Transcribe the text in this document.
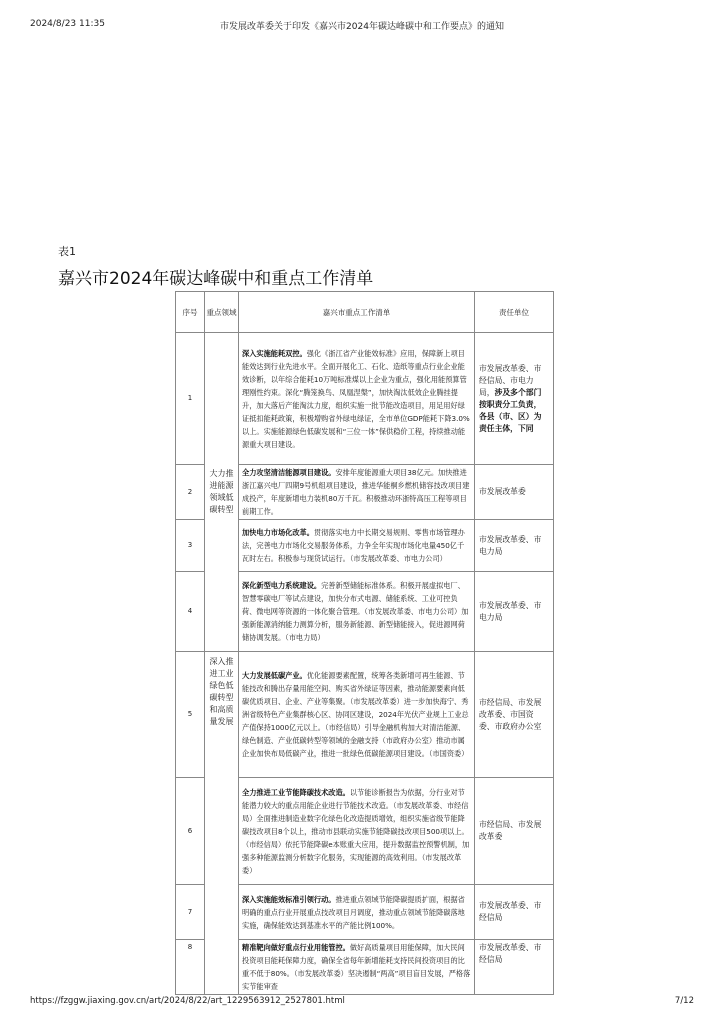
2024/8/23 11:35	市发展改革委关于印发《嘉兴市2024年碳达峰碳中和工作要点》的通知
表1
嘉兴市2024年碳达峰碳中和重点工作清单
序号	重点领域	嘉兴市重点工作清单	责任单位
1	大力推进能源领域低碳转型	深入实施能耗双控。强化《浙江省产业能效标准》应用，保障新上项目能效达到行业先进水平。全面开展化工、石化、造纸等重点行业企业能效诊断，以年综合能耗10万吨标准煤以上企业为重点，强化用能预算管理刚性约束。深化“腾笼换鸟、凤凰涅槃”，加快淘汰低效企业腾挂提升，加大落后产能淘汰力度，组织实施一批节能改造项目，用足用好绿证抵扣能耗政策，积极增购省外绿电绿证，全市单位GDP能耗下降3.0%以上。实施能源绿色低碳发展和“三位一体”保供稳价工程，持续推动能源重大项目建设。	市发展改革委、市经信局、市电力局，涉及多个部门按职责分工负责，各县（市、区）为责任主体，下同
2		全力攻坚清洁能源项目建设。安排年度能源重大项目38亿元。加快推进浙江嘉兴电厂四期9号机组项目建设，推进华能桐乡燃机储容技改项目建成投产，年度新增电力装机80万千瓦。积极推动环浙特高压工程等项目前期工作。	市发展改革委
3		加快电力市场化改革。贯彻落实电力中长期交易规则、零售市场管理办法，完善电力市场化交易服务体系，力争全年实现市场化电量450亿千瓦时左右。积极参与现货试运行。（市发展改革委、市电力公司）	市发展改革委、市电力局
4		深化新型电力系统建设。完善新型储能标准体系。积极开展虚拟电厂、智慧零碳电厂等试点建设，加快分布式电源、储能系统、工业可控负荷、微电网等资源的一体化聚合管理。（市发展改革委、市电力公司）加强新能源消纳能力测算分析，服务新能源、新型储能接入，促进源网荷储协调发展。（市电力局）	市发展改革委、市电力局
5	深入推进工业绿色低碳转型和高质量发展	大力发展低碳产业。优化能源要素配置，统筹各类新增可再生能源、节能技改和腾出存量用能空间、购买省外绿证等因素，推动能源要素向低碳优质项目、企业、产业等集聚。（市发展改革委）进一步加快海宁、秀洲省级特色产业集群核心区、协同区建设，2024年光伏产业规上工业总产值保持1000亿元以上。（市经信局）引导金融机构加大对清洁能源、绿色制造、产业低碳转型等领域的金融支持（市政府办公室）推动市属企业加快布局低碳产业，推进一批绿色低碳能源项目建设。（市国资委）	市经信局、市发展改革委、市国资委、市政府办公室
6		全力推进工业节能降碳技术改造。以节能诊断报告为依据，分行业对节能潜力较大的重点用能企业进行节能技术改造。（市发展改革委、市经信局）全面推进制造业数字化绿色化改造提质增效，组织实施省级节能降碳技改项目8个以上，推动市县联动实施节能降碳技改项目500项以上。（市经信局）依托节能降碳e本账重大应用，提升数据监控预警机制，加强多种能源监测分析数字化服务，实现能源的高效利用。（市发展改革委）	市经信局、市发展改革委
7		深入实施能效标准引领行动。推进重点领域节能降碳提质扩面，根据省明确的重点行业开展重点技改项目月调度，推动重点领域节能降碳落地实施，确保能效达到基准水平的产能比例100%。	市发展改革委、市经信局
8		精准靶向做好重点行业用能管控。做好高质量项目用能保障，加大民间投资项目能耗保障力度，确保全省每年新增能耗支持民间投资项目的比重不低于80%。（市发展改革委）坚决遏制“两高”项目盲目发展，严格落实节能审查	市发展改革委、市经信局
https://fzggw.jiaxing.gov.cn/art/2024/8/22/art_1229563912_2527801.html	7/12
